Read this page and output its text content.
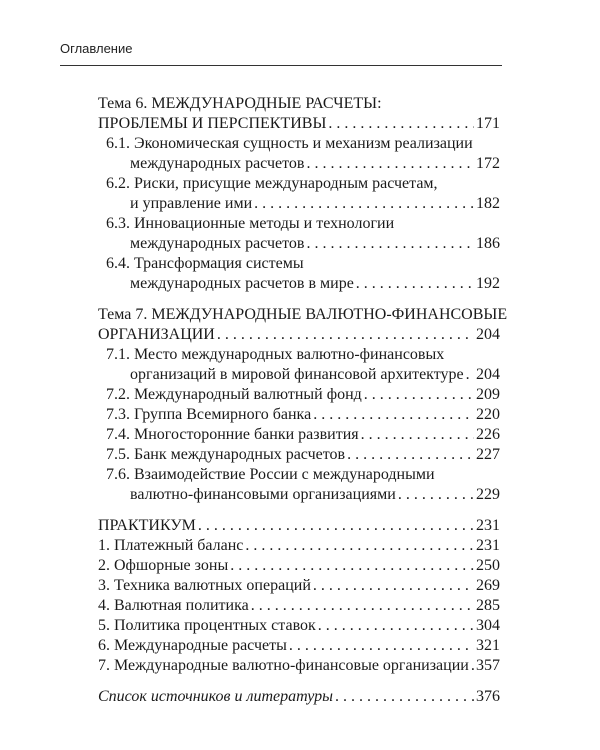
Оглавление
Тема 6. МЕЖДУНАРОДНЫЕ РАСЧЕТЫ:
ПРОБЛЕМЫ И ПЕРСПЕКТИВЫ . . .	171
6.1. Экономическая сущность и механизм реализации
международных расчетов . . .	172
6.2. Риски, присущие международным расчетам,
и управление ими . . .	182
6.3. Инновационные методы и технологии
международных расчетов . . .	186
6.4. Трансформация системы
международных расчетов в мире . . .	192
Тема 7. МЕЖДУНАРОДНЫЕ ВАЛЮТНО-ФИНАНСОВЫЕ
ОРГАНИЗАЦИИ . . .	204
7.1. Место международных валютно-финансовых
организаций в мировой финансовой архитектуре . . . 204
7.2. Международный валютный фонд . . .	209
7.3. Группа Всемирного банка . . .	220
7.4. Многосторонние банки развития . . .	226
7.5. Банк международных расчетов . . .	227
7.6. Взаимодействие России с международными
валютно-финансовыми организациями . . .	229
ПРАКТИКУМ . . .	231
1. Платежный баланс . . .	231
2. Офшорные зоны . . .	250
3. Техника валютных операций . . .	269
4. Валютная политика . . .	285
5. Политика процентных ставок . . .	304
6. Международные расчеты . . .	321
7. Международные валютно-финансовые организации . . . 357
Список источников и литературы . . .	376
